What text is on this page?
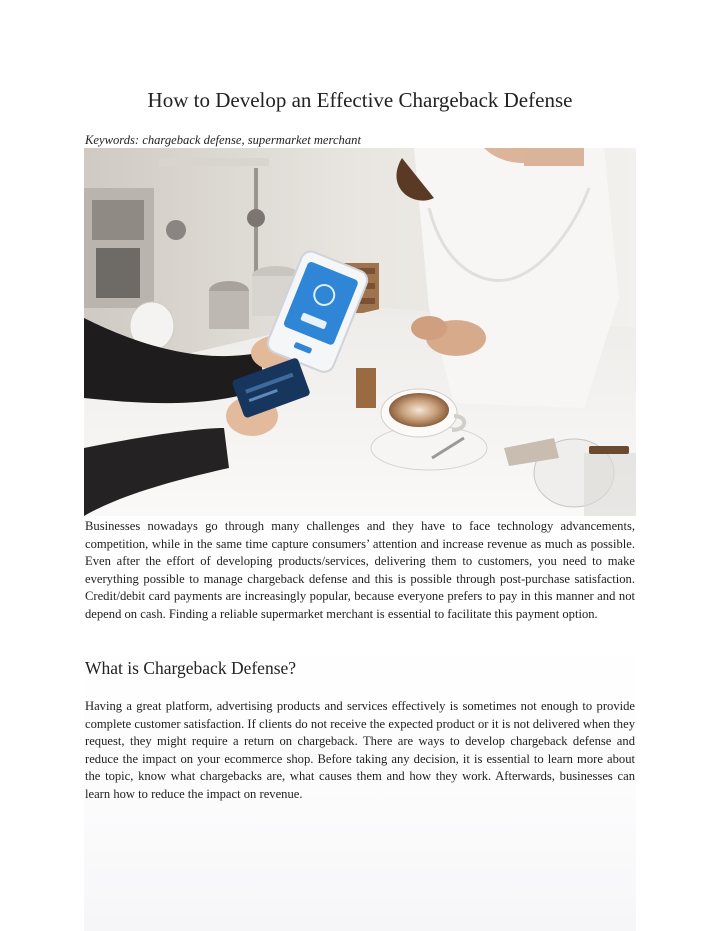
How to Develop an Effective Chargeback Defense
Keywords: chargeback defense, supermarket merchant

Businesses nowadays go through many challenges and they have to face technology advancements, competition, while in the same time capture consumers’ attention and increase revenue as much as possible. Even after the effort of developing products/services, delivering them to customers, you need to make everything possible to manage chargeback defense and this is possible through post-purchase satisfaction. Credit/debit card payments are increasingly popular, because everyone prefers to pay in this manner and not depend on cash. Finding a reliable supermarket merchant is essential to facilitate this payment option.

What is Chargeback Defense?

Having a great platform, advertising products and services effectively is sometimes not enough to provide complete customer satisfaction. If clients do not receive the expected product or it is not delivered when they request, they might require a return on chargeback. There are ways to develop chargeback defense and reduce the impact on your ecommerce shop. Before taking any decision, it is essential to learn more about the topic, know what chargebacks are, what causes them and how they work. Afterwards, businesses can learn how to reduce the impact on revenue.
